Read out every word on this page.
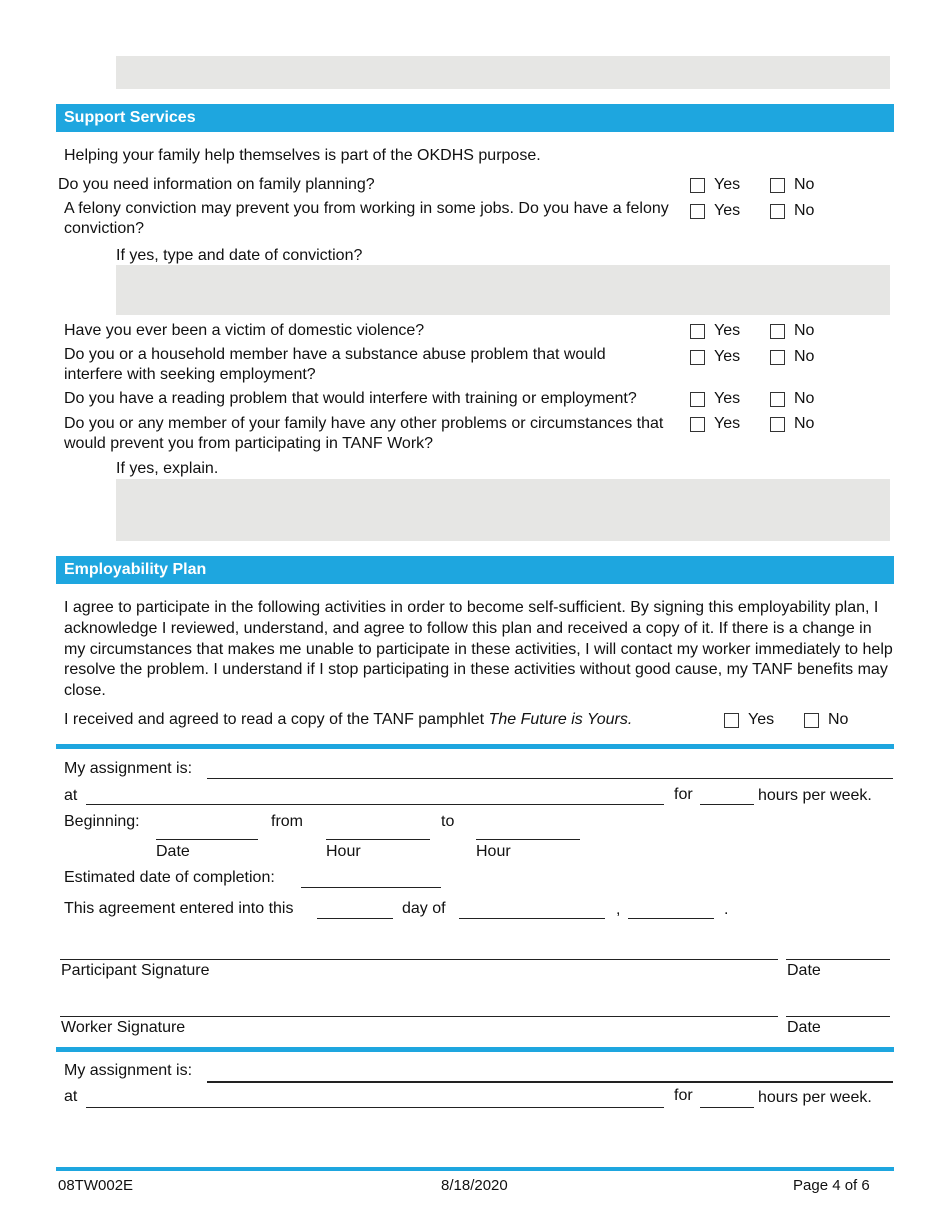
Support Services
Helping your family help themselves is part of the OKDHS purpose.
Do you need information on family planning?	Yes	No
A felony conviction may prevent you from working in some jobs. Do you have a felony conviction?
Yes	No
If yes, type and date of conviction?
Have you ever been a victim of domestic violence?	Yes	No
Do you or a household member have a substance abuse problem that would interfere with seeking employment?
Yes	No
Do you have a reading problem that would interfere with training or employment?	Yes	No
Do you or any member of your family have any other problems or circumstances that would prevent you from participating in TANF Work?
Yes	No
If yes, explain.
Employability Plan
I agree to participate in the following activities in order to become self-sufficient. By signing this employability plan, I acknowledge I reviewed, understand, and agree to follow this plan and received a copy of it. If there is a change in my circumstances that makes me unable to participate in these activities, I will contact my worker immediately to help resolve the problem. I understand if I stop participating in these activities without good cause, my TANF benefits may close.
I received and agreed to read a copy of the TANF pamphlet The Future is Yours.	Yes	No
My assignment is:
at	for	hours per week.
Beginning:	from	to
Date	Hour	Hour
Estimated date of completion:
This agreement entered into this	day of	,	.
Participant Signature	Date
Worker Signature	Date
My assignment is:
at	for	hours per week.
08TW002E	8/18/2020	Page 4 of 6
